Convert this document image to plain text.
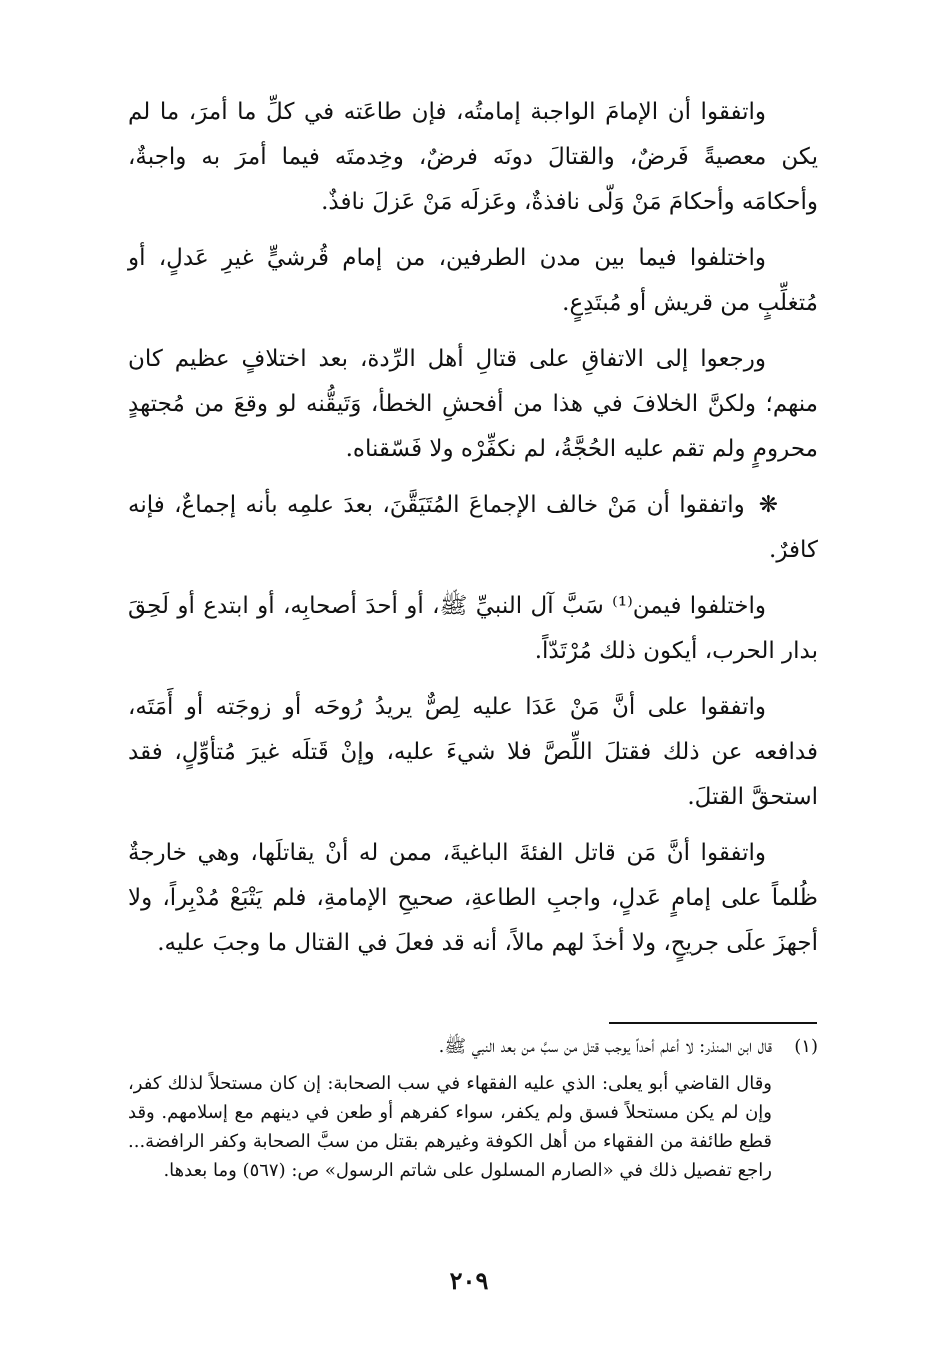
واتفقوا أن الإمامَ الواجبة إمامتُه، فإن طاعَته في كلِّ ما أمرَ، ما لم يكن معصيةً فَرضٌ، والقتالَ دونَه فرضٌ، وخِدمتَه فيما أمرَ به واجبةٌ، وأحكامَه وأحكامَ مَنْ وَلّى نافذةٌ، وعَزلَه مَنْ عَزلَ نافذٌ.

واختلفوا فيما بين مدن الطرفين، من إمام قُرشيٍّ غيرِ عَدلٍ، أو مُتغلِّبٍ من قريش أو مُبتَدِعٍ.

ورجعوا إلى الاتفاقِ على قتالِ أهل الرِّدة، بعد اختلافٍ عظيم كان منهم؛ ولكنَّ الخلافَ في هذا من أفحشِ الخطأ، وَتَيقُّنه لو وقعَ من مُجتهدٍ محرومٍ ولم تقم عليه الحُجَّةُ، لم نكفِّرْه ولا فَسّقناه.

❋واتفقوا أن مَنْ خالف الإجماعَ المُتَيَقَّنَ، بعدَ علمِه بأنه إجماعٌ، فإنه كافرٌ.

واختلفوا فيمن⁽¹⁾ سَبَّ آل النبيِّ ﷺ، أو أحدَ أصحابِه، أو ابتدع أو لَحِقَ بدار الحرب، أيكون ذلك مُرْتَدّاً.

واتفقوا على أنَّ مَنْ عَدَا عليه لِصٌّ يريدُ رُوحَه أو زوجَته أو أَمَتَه، فدافعه عن ذلك فقتلَ اللِّصَّ فلا شيءَ عليه، وإنْ قَتلَه غيرَ مُتأوِّلٍ، فقد استحقَّ القتلَ.

واتفقوا أنَّ مَن قاتل الفئةَ الباغيةَ، ممن له أنْ يقاتلَها، وهي خارجةٌ ظُلماً على إمامٍ عَدلٍ، واجبِ الطاعةِ، صحيحِ الإمامةِ، فلم يَتْبَعْ مُدْبِراً، ولا أجهزَ علَى جريحٍ، ولا أخذَ لهم مالاً، أنه قد فعلَ في القتال ما وجبَ عليه.

(١)قال ابن المنذر: لا أعلم أحداً يوجب قتل من سبَّ من بعد النبي ﷺ.

وقال القاضي أبو يعلى: الذي عليه الفقهاء في سب الصحابة: إن كان مستحلاً لذلك كفر، وإن لم يكن مستحلاً فسق ولم يكفر، سواء كفرهم أو طعن في دينهم مع إسلامهم. وقد قطع طائفة من الفقهاء من أهل الكوفة وغيرهم بقتل من سبَّ الصحابة وكفر الرافضة... راجع تفصيل ذلك في «الصارم المسلول على شاتم الرسول» ص: (٥٦٧) وما بعدها.

٢٠٩
